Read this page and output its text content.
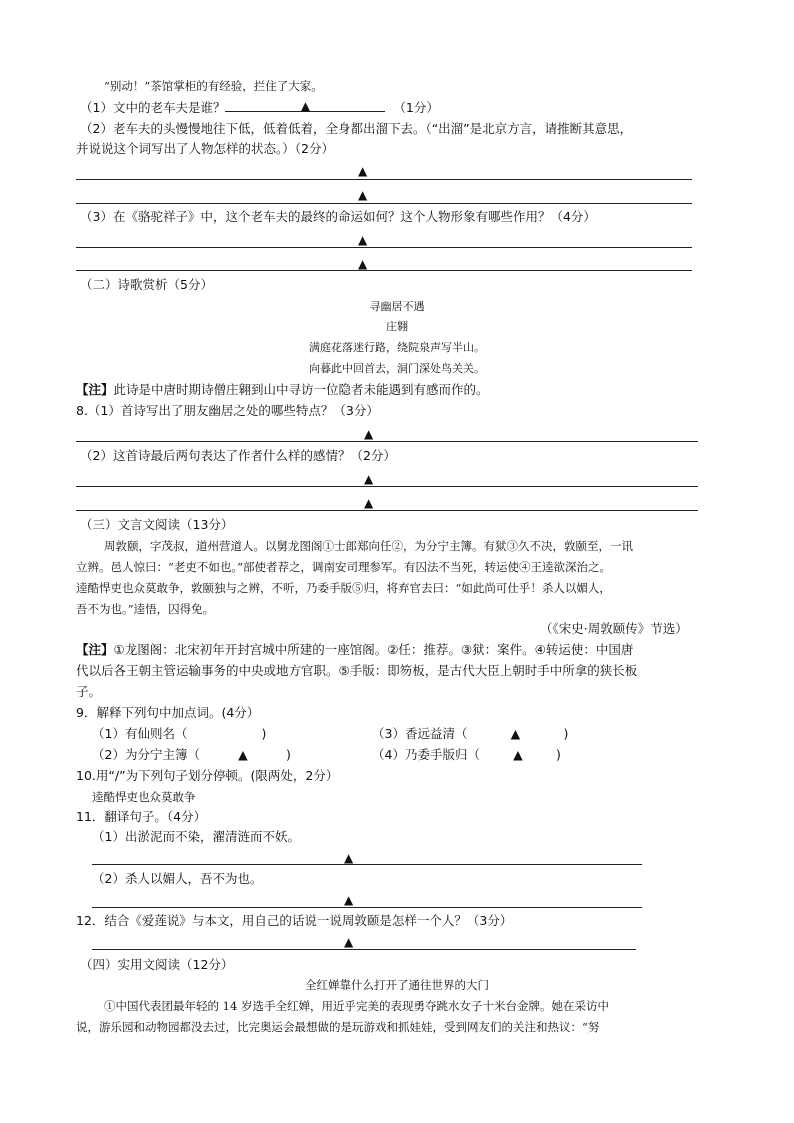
“别动！”茶馆掌柜的有经验，拦住了大家。
（1）文中的老车夫是谁？	▲	（1分）
（2）老车夫的头慢慢地往下低，低着低着，全身都出溜下去。（“出溜”是北京方言，请推断其意思，
并说说这个词写出了人物怎样的状态。）（2分）
▲
▲
（3）在《骆驼祥子》中，这个老车夫的最终的命运如何？这个人物形象有哪些作用？（4分）
▲
▲
（二）诗歌赏析（5分）
寻幽居不遇
庄翱
满庭花落迷行路，绕院泉声写半山。
向暮此中回首去，洞门深处鸟关关。
【注】此诗是中唐时期诗僧庄翱到山中寻访一位隐者未能遇到有感而作的。
8.（1）首诗写出了朋友幽居之处的哪些特点？（3分）
▲
（2）这首诗最后两句表达了作者什么样的感情？（2分）
▲
▲
（三）文言文阅读（13分）
周敦颐，字茂叔，道州营道人。以舅龙图阁①士郎郑向任②，为分宁主簿。有狱③久不决，敦颐至，一讯
立辨。邑人惊曰：“老吏不如也。”部使者荐之，调南安司理参军。有囚法不当死，转运使④王逵欲深治之。
逵酷悍吏也众莫敢争，敦颐独与之辨，不听，乃委手版⑤归，将弃官去曰：“如此尚可仕乎！杀人以媚人，
吾不为也。”逵悟，囚得免。
（《宋史·周敦颐传》节选）
【注】①龙图阁：北宋初年开封宫城中所建的一座馆阁。②任：推荐。③狱：案件。④转运使：中国唐
代以后各王朝主管运输事务的中央或地方官职。⑤手版：即笏板，是古代大臣上朝时手中所拿的狭长板
子。
9．解释下列句中加点词。(4分）
（1）有仙则名（	)	（3）香远益清（	▲	)
（2）为分宁主簿（	▲	)	（4）乃委手版归（	▲	)
10.用“/”为下列句子划分停顿。(限两处，2分）
逵酷悍吏也众莫敢争
11．翻译句子。（4分）
（1）出淤泥而不染，濯清涟而不妖。
▲
（2）杀人以媚人，吾不为也。
▲
12．结合《爱莲说》与本文，用自己的话说一说周敦颐是怎样一个人？（3分）
▲
（四）实用文阅读（12分）
全红婵靠什么打开了通往世界的大门
①中国代表团最年轻的 14 岁选手全红婵，用近乎完美的表现勇夺跳水女子十米台金牌。她在采访中
说，游乐园和动物园都没去过，比完奥运会最想做的是玩游戏和抓娃娃，受到网友们的关注和热议：“努
